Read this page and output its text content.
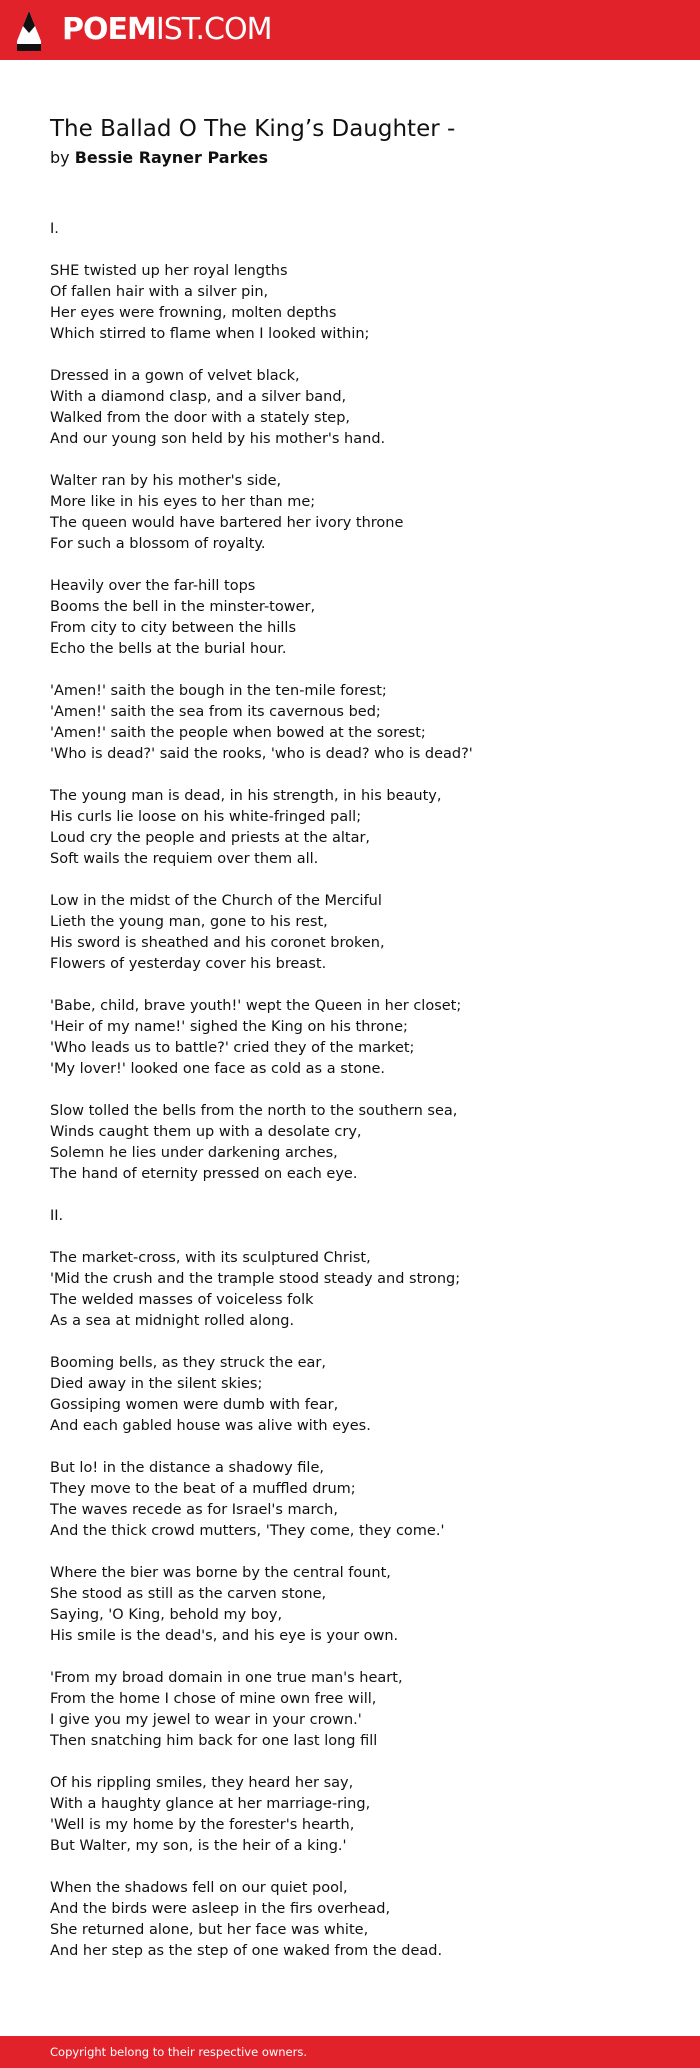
POEMIST.COM
The Ballad O The King’s Daughter -
by Bessie Rayner Parkes
I.
SHE twisted up her royal lengths
Of fallen hair with a silver pin,
Her eyes were frowning, molten depths
Which stirred to flame when I looked within;
Dressed in a gown of velvet black,
With a diamond clasp, and a silver band,
Walked from the door with a stately step,
And our young son held by his mother's hand.
Walter ran by his mother's side,
More like in his eyes to her than me;
The queen would have bartered her ivory throne
For such a blossom of royalty.
Heavily over the far-hill tops
Booms the bell in the minster-tower,
From city to city between the hills
Echo the bells at the burial hour.
'Amen!' saith the bough in the ten-mile forest;
'Amen!' saith the sea from its cavernous bed;
'Amen!' saith the people when bowed at the sorest;
'Who is dead?' said the rooks, 'who is dead? who is dead?'
The young man is dead, in his strength, in his beauty,
His curls lie loose on his white-fringed pall;
Loud cry the people and priests at the altar,
Soft wails the requiem over them all.
Low in the midst of the Church of the Merciful
Lieth the young man, gone to his rest,
His sword is sheathed and his coronet broken,
Flowers of yesterday cover his breast.
'Babe, child, brave youth!' wept the Queen in her closet;
'Heir of my name!' sighed the King on his throne;
'Who leads us to battle?' cried they of the market;
'My lover!' looked one face as cold as a stone.
Slow tolled the bells from the north to the southern sea,
Winds caught them up with a desolate cry,
Solemn he lies under darkening arches,
The hand of eternity pressed on each eye.
II.
The market-cross, with its sculptured Christ,
'Mid the crush and the trample stood steady and strong;
The welded masses of voiceless folk
As a sea at midnight rolled along.
Booming bells, as they struck the ear,
Died away in the silent skies;
Gossiping women were dumb with fear,
And each gabled house was alive with eyes.
But lo! in the distance a shadowy file,
They move to the beat of a muffled drum;
The waves recede as for Israel's march,
And the thick crowd mutters, 'They come, they come.'
Where the bier was borne by the central fount,
She stood as still as the carven stone,
Saying, 'O King, behold my boy,
His smile is the dead's, and his eye is your own.
'From my broad domain in one true man's heart,
From the home I chose of mine own free will,
I give you my jewel to wear in your crown.'
Then snatching him back for one last long fill
Of his rippling smiles, they heard her say,
With a haughty glance at her marriage-ring,
'Well is my home by the forester's hearth,
But Walter, my son, is the heir of a king.'
When the shadows fell on our quiet pool,
And the birds were asleep in the firs overhead,
She returned alone, but her face was white,
And her step as the step of one waked from the dead.
Copyright belong to their respective owners.
